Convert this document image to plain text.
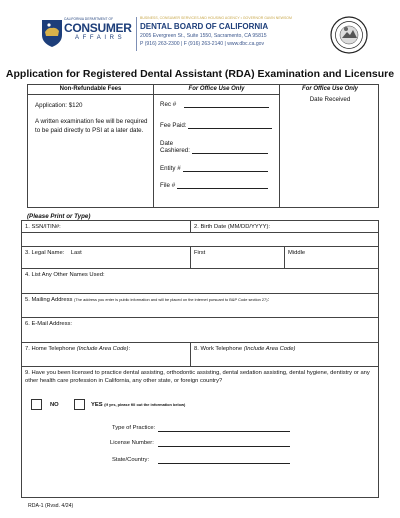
CALIFORNIA DEPARTMENT OF
CONSUMER
AFFAIRS
BUSINESS, CONSUMER SERVICES AND HOUSING AGENCY • GOVERNOR GAVIN NEWSOM
DENTAL BOARD OF CALIFORNIA
2005 Evergreen St., Suite 1550, Sacramento, CA 95815
P (916) 263-2300 | F (916) 263-2140 | www.dbc.ca.gov
Application for Registered Dental Assistant (RDA) Examination and Licensure
Non-Refundable Fees
Application: $120
A written examination fee will be required to be paid directly to PSI at a later date.
For Office Use Only
Rec #
Fee Paid:
Date
Cashiered:
Entity #
File #
For Office Use Only
Date Received
(Please Print or Type)
1. SSN/ITIN#:	2. Birth Date (MM/DD/YYYY):
3. Legal Name: Last	First	Middle
4. List Any Other Names Used:
5. Mailing Address (The address you enter is public information and will be placed on the internet pursuant to B&P Code section 27):
6. E-Mail Address:
7. Home Telephone (Include Area Code):	8. Work Telephone (Include Area Code)
9. Have you been licensed to practice dental assisting, orthodontic assisting, dental sedation assisting, dental hygiene, dentistry or any other health care profession in California, any other state, or foreign country?
NO	YES (If yes, please fill out the information below)
Type of Practice:
License Number:
State/Country:
RDA-1 (Rvsd. 4/24)
